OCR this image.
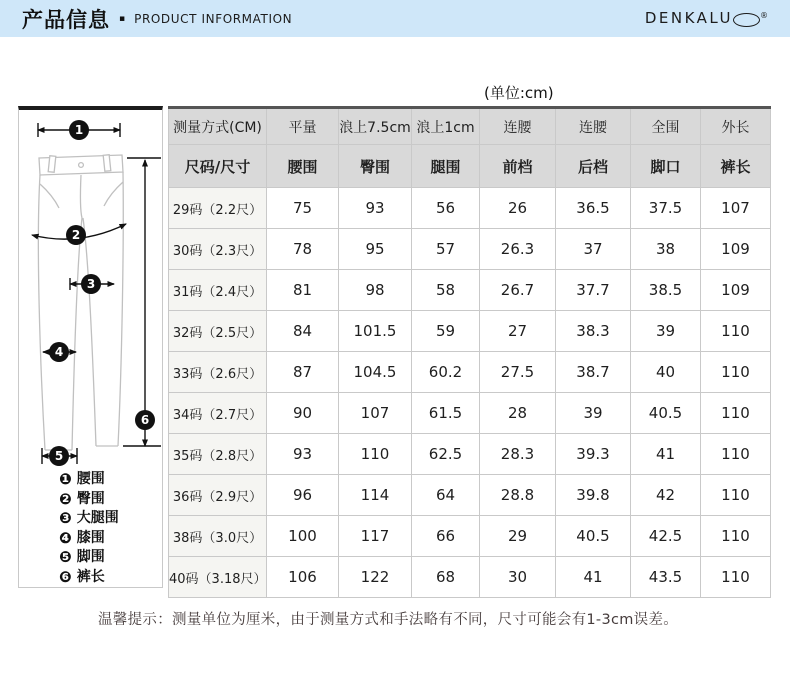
产品信息 ▪ PRODUCT INFORMATION	DENKALU	®
(单位:cm)
1
2
3
4
5
6
❶ 腰围
❷ 臀围
❸ 大腿围
❹ 膝围
❺ 脚围
❻ 裤长
测量方式(CM)	平量	浪上7.5cm	浪上1cm	连腰	连腰	全围	外长
尺码/尺寸	腰围	臀围	腿围	前档	后档	脚口	裤长
29码（2.2尺）	75	93	56	26	36.5	37.5	107
30码（2.3尺）	78	95	57	26.3	37	38	109
31码（2.4尺）	81	98	58	26.7	37.7	38.5	109
32码（2.5尺）	84	101.5	59	27	38.3	39	110
33码（2.6尺）	87	104.5	60.2	27.5	38.7	40	110
34码（2.7尺）	90	107	61.5	28	39	40.5	110
35码（2.8尺）	93	110	62.5	28.3	39.3	41	110
36码（2.9尺）	96	114	64	28.8	39.8	42	110
38码（3.0尺）	100	117	66	29	40.5	42.5	110
40码（3.18尺）	106	122	68	30	41	43.5	110

温馨提示：测量单位为厘米，由于测量方式和手法略有不同，尺寸可能会有1-3cm误差。
